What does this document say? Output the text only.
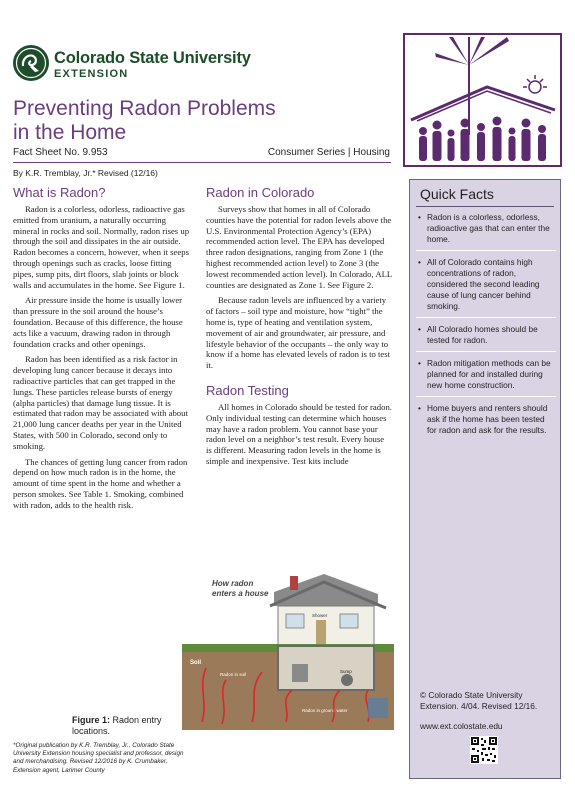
Colorado State University
EXTENSION
Preventing Radon Problems
in the Home
Fact Sheet No. 9.953	Consumer Series | Housing
By K.R. Tremblay, Jr.* Revised (12/16)
What is Radon?

Radon is a colorless, odorless, radioactive gas emitted from uranium, a naturally occurring mineral in rocks and soil. Normally, radon rises up through the soil and dissipates in the air outside. Radon becomes a concern, however, when it seeps through openings such as cracks, loose fitting pipes, sump pits, dirt floors, slab joints or block walls and accumulates in the home. See Figure 1.

Air pressure inside the home is usually lower than pressure in the soil around the house’s foundation. Because of this difference, the house acts like a vacuum, drawing radon in through foundation cracks and other openings.

Radon has been identified as a risk factor in developing lung cancer because it decays into radioactive particles that can get trapped in the lungs. These particles release bursts of energy (alpha particles) that damage lung tissue. It is estimated that radon may be associated with about 21,000 lung cancer deaths per year in the United States, with 500 in Colorado, second only to smoking.

The chances of getting lung cancer from radon depend on how much radon is in the home, the amount of time spent in the home and whether a person smokes. See Table 1. Smoking, combined with radon, adds to the health risk.

Radon in Colorado

Surveys show that homes in all of Colorado counties have the potential for radon levels above the U.S. Environmental Protection Agency’s (EPA) recommended action level. The EPA has developed three radon designations, ranging from Zone 1 (the highest recommended action level) to Zone 3 (the lowest recommended action level). In Colorado, ALL counties are designated as Zone 1. See Figure 2.

Because radon levels are influenced by a variety of factors – soil type and moisture, how “tight” the home is, type of heating and ventilation system, movement of air and groundwater, air pressure, and lifestyle behavior of the occupants – the only way to know if a home has elevated levels of radon is to test it.

Radon Testing

All homes in Colorado should be tested for radon. Only individual testing can determine which houses may have a radon problem. You cannot base your radon level on a neighbor’s test result. Every house is different. Measuring radon levels in the home is simple and inexpensive. Test kits include

How radon
enters a house
Shower
Sump
Soil
Radon in soil
Radon in ground water
Figure 1: Radon entry locations.
*Original publication by K.R. Tremblay, Jr., Colorado State University Extension housing specialist and professor, design and merchandising. Revised 12/2016 by K. Crumbaker, Extension agent, Larimer County
Quick Facts
• Radon is a colorless, odorless, radioactive gas that can enter the home.
• All of Colorado contains high concentrations of radon, considered the second leading cause of lung cancer behind smoking.
• All Colorado homes should be tested for radon.
• Radon mitigation methods can be planned for and installed during new home construction.
• Home buyers and renters should ask if the home has been tested for radon and ask for the results.
© Colorado State University Extension. 4/04. Revised 12/16.
www.ext.colostate.edu
